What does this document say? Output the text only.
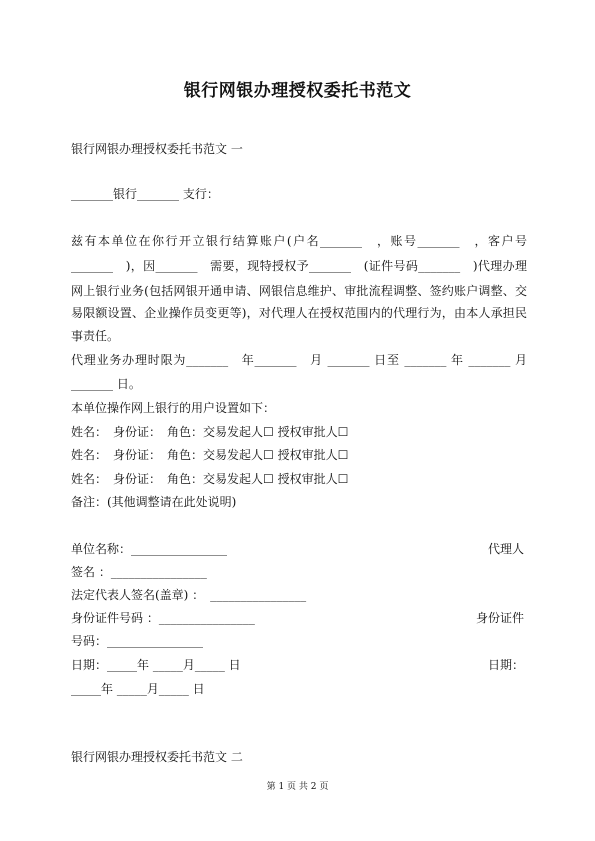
银行网银办理授权委托书范文
银行网银办理授权委托书范文 一
_______银行_______ 支行：
兹有本单位在你行开立银行结算账户(户名_______　，账号_______　，客户号
_______　)，因_______　需要，现特授权予_______　(证件号码_______　)代理办理
网上银行业务(包括网银开通申请、网银信息维护、审批流程调整、签约账户调整、交
易限额设置、企业操作员变更等)，对代理人在授权范围内的代理行为，由本人承担民
事责任。
代理业务办理时限为_______　年_______　月 _______ 日至 _______ 年 _______ 月
_______ 日。
本单位操作网上银行的用户设置如下：
姓名：　身份证：　角色：交易发起人☐ 授权审批人☐
姓名：　身份证：　角色：交易发起人☐ 授权审批人☐
姓名：　身份证：　角色：交易发起人☐ 授权审批人☐
备注：(其他调整请在此处说明)
单位名称：________________	代理人
签名 ：________________
法定代表人签名(盖章) ：　________________
身份证件号码 ：________________	身份证件
号码：________________
日期：_____年 _____月_____ 日	日期：
_____年 _____月_____ 日
银行网银办理授权委托书范文 二
第 1 页 共 2 页
